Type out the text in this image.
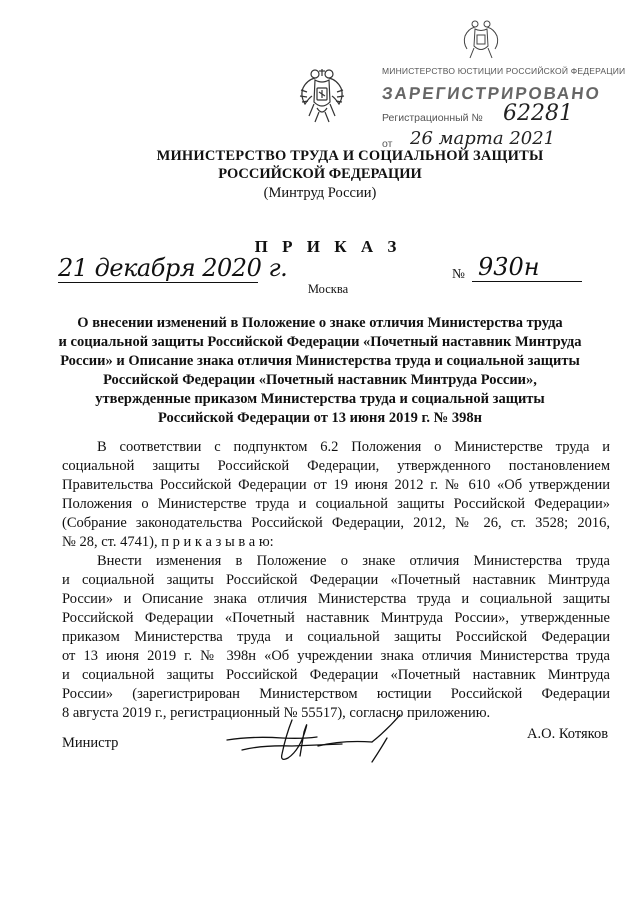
МИНИСТЕРСТВО ЮСТИЦИИ РОССИЙСКОЙ ФЕДЕРАЦИИ
ЗАРЕГИСТРИРОВАНО
Регистрационный № 62281
от 26 марта 2021
МИНИСТЕРСТВО ТРУДА И СОЦИАЛЬНОЙ ЗАЩИТЫ
РОССИЙСКОЙ ФЕДЕРАЦИИ
(Минтруд России)
П Р И К А З
21 декабря 2020 г.	№ 930н
Москва
О внесении изменений в Положение о знаке отличия Министерства труда
и социальной защиты Российской Федерации «Почетный наставник Минтруда
России» и Описание знака отличия Министерства труда и социальной защиты
Российской Федерации «Почетный наставник Минтруда России»,
утвержденные приказом Министерства труда и социальной защиты
Российской Федерации от 13 июня 2019 г. № 398н
В соответствии с подпунктом 6.2 Положения о Министерстве труда и
социальной защиты Российской Федерации, утвержденного постановлением
Правительства Российской Федерации от 19 июня 2012 г. № 610 «Об утверждении
Положения о Министерстве труда и социальной защиты Российской Федерации»
(Собрание законодательства Российской Федерации, 2012, № 26, ст. 3528; 2016,
№ 28, ст. 4741), п р и к а з ы в а ю:
Внести изменения в Положение о знаке отличия Министерства труда
и социальной защиты Российской Федерации «Почетный наставник Минтруда
России» и Описание знака отличия Министерства труда и социальной защиты
Российской Федерации «Почетный наставник Минтруда России», утвержденные
приказом Министерства труда и социальной защиты Российской Федерации
от 13 июня 2019 г. № 398н «Об учреждении знака отличия Министерства труда
и социальной защиты Российской Федерации «Почетный наставник Минтруда
России» (зарегистрирован Министерством юстиции Российской Федерации
8 августа 2019 г., регистрационный № 55517), согласно приложению.
Министр
А.О. Котяков
